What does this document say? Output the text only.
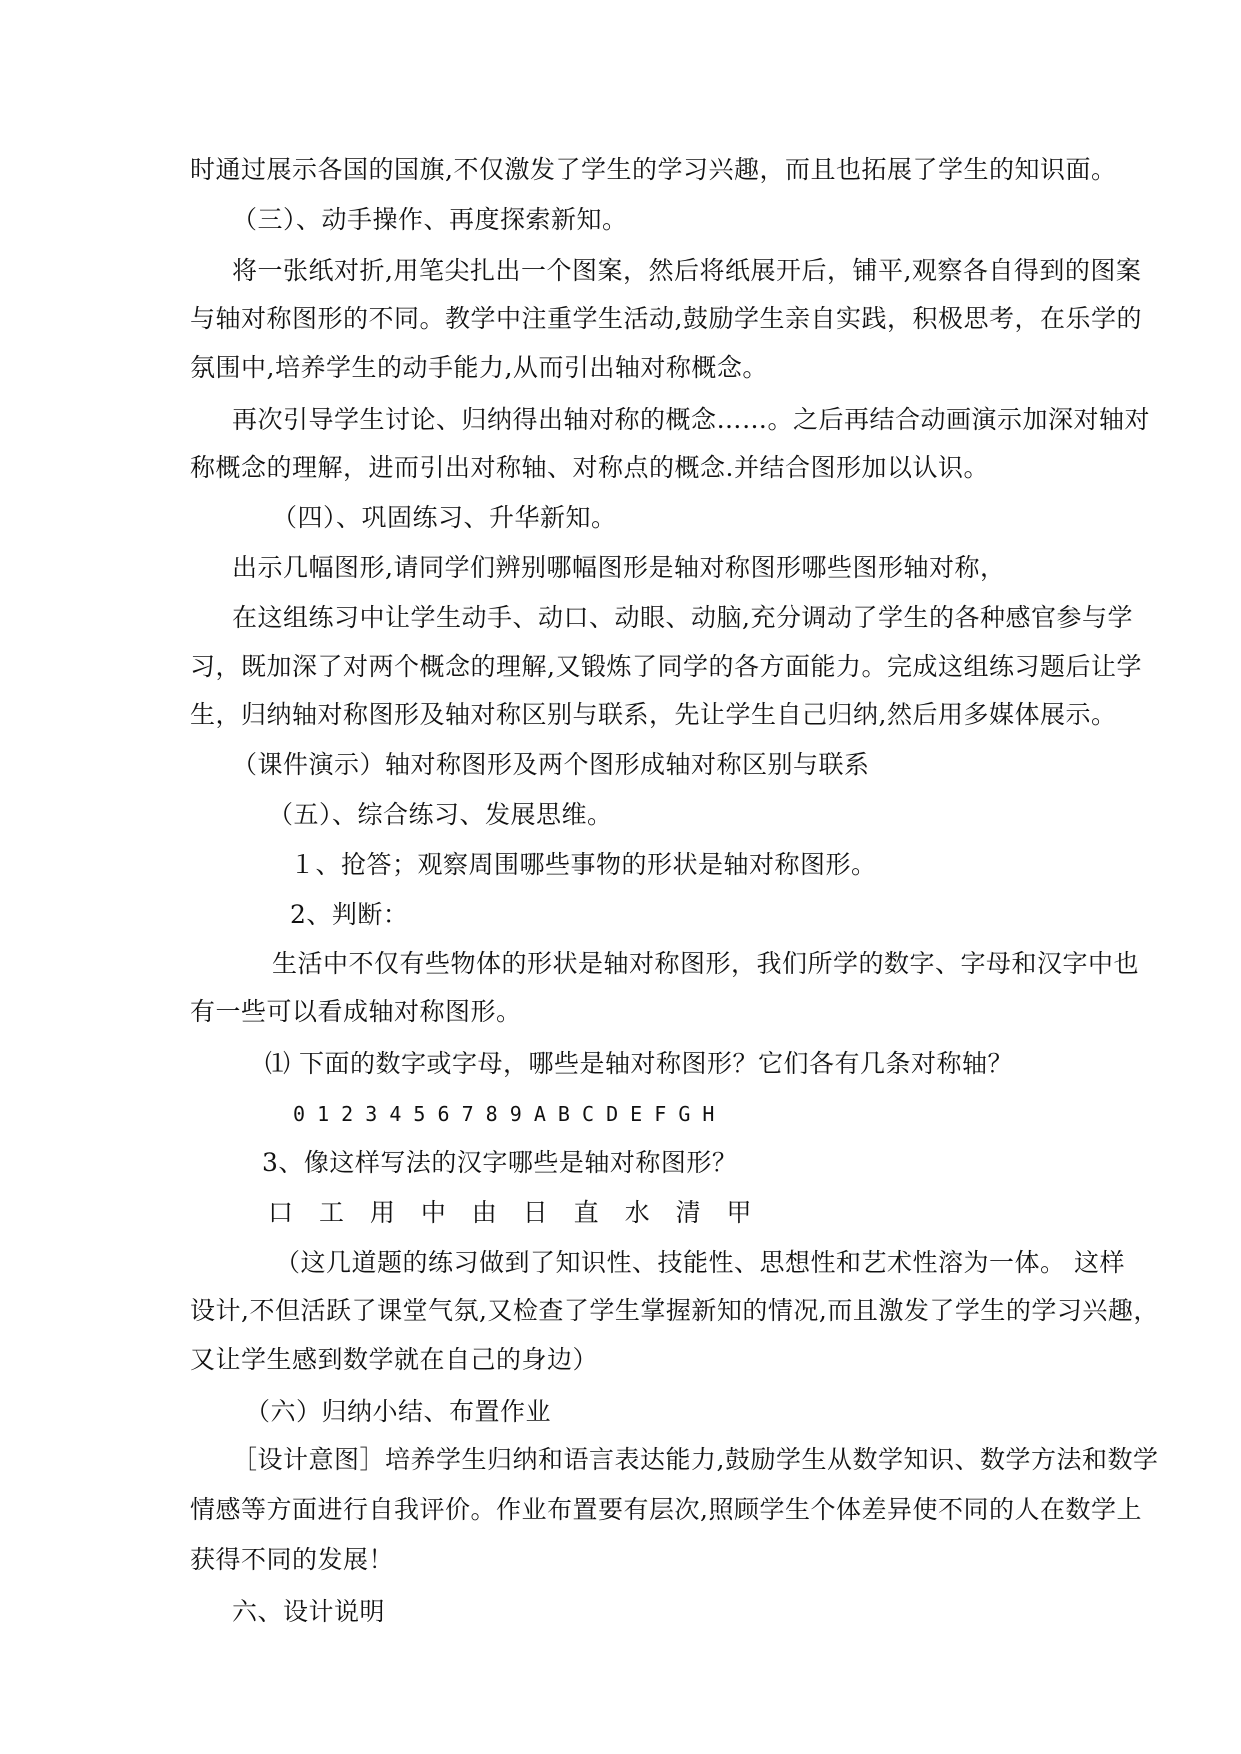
时通过展示各国的国旗,不仅激发了学生的学习兴趣，而且也拓展了学生的知识面。

（三）、动手操作、再度探索新知。

将一张纸对折,用笔尖扎出一个图案，然后将纸展开后，铺平,观察各自得到的图案

与轴对称图形的不同。教学中注重学生活动,鼓励学生亲自实践，积极思考，在乐学的

氛围中,培养学生的动手能力,从而引出轴对称概念。

再次引导学生讨论、归纳得出轴对称的概念……。之后再结合动画演示加深对轴对

称概念的理解，进而引出对称轴、对称点的概念.并结合图形加以认识。

（四）、巩固练习、升华新知。

出示几幅图形,请同学们辨别哪幅图形是轴对称图形哪些图形轴对称，

在这组练习中让学生动手、动口、动眼、动脑,充分调动了学生的各种感官参与学

习，既加深了对两个概念的理解,又锻炼了同学的各方面能力。完成这组练习题后让学

生，归纳轴对称图形及轴对称区别与联系，先让学生自己归纳,然后用多媒体展示。

（课件演示）轴对称图形及两个图形成轴对称区别与联系

（五）、综合练习、发展思维。

１、抢答；观察周围哪些事物的形状是轴对称图形。

2、判断：

生活中不仅有些物体的形状是轴对称图形，我们所学的数字、字母和汉字中也

有一些可以看成轴对称图形。

⑴ 下面的数字或字母，哪些是轴对称图形？它们各有几条对称轴？

0 1 2 3 4 5 6 7 8 9 A B C D E F G H

3、像这样写法的汉字哪些是轴对称图形？

口 工 用 中 由 日 直 水 清 甲

（这几道题的练习做到了知识性、技能性、思想性和艺术性溶为一体。 这样

设计,不但活跃了课堂气氛,又检查了学生掌握新知的情况,而且激发了学生的学习兴趣，

又让学生感到数学就在自己的身边）

（六）归纳小结、布置作业

［设计意图］培养学生归纳和语言表达能力,鼓励学生从数学知识、数学方法和数学

情感等方面进行自我评价。作业布置要有层次,照顾学生个体差异使不同的人在数学上

获得不同的发展！

六、设计说明
